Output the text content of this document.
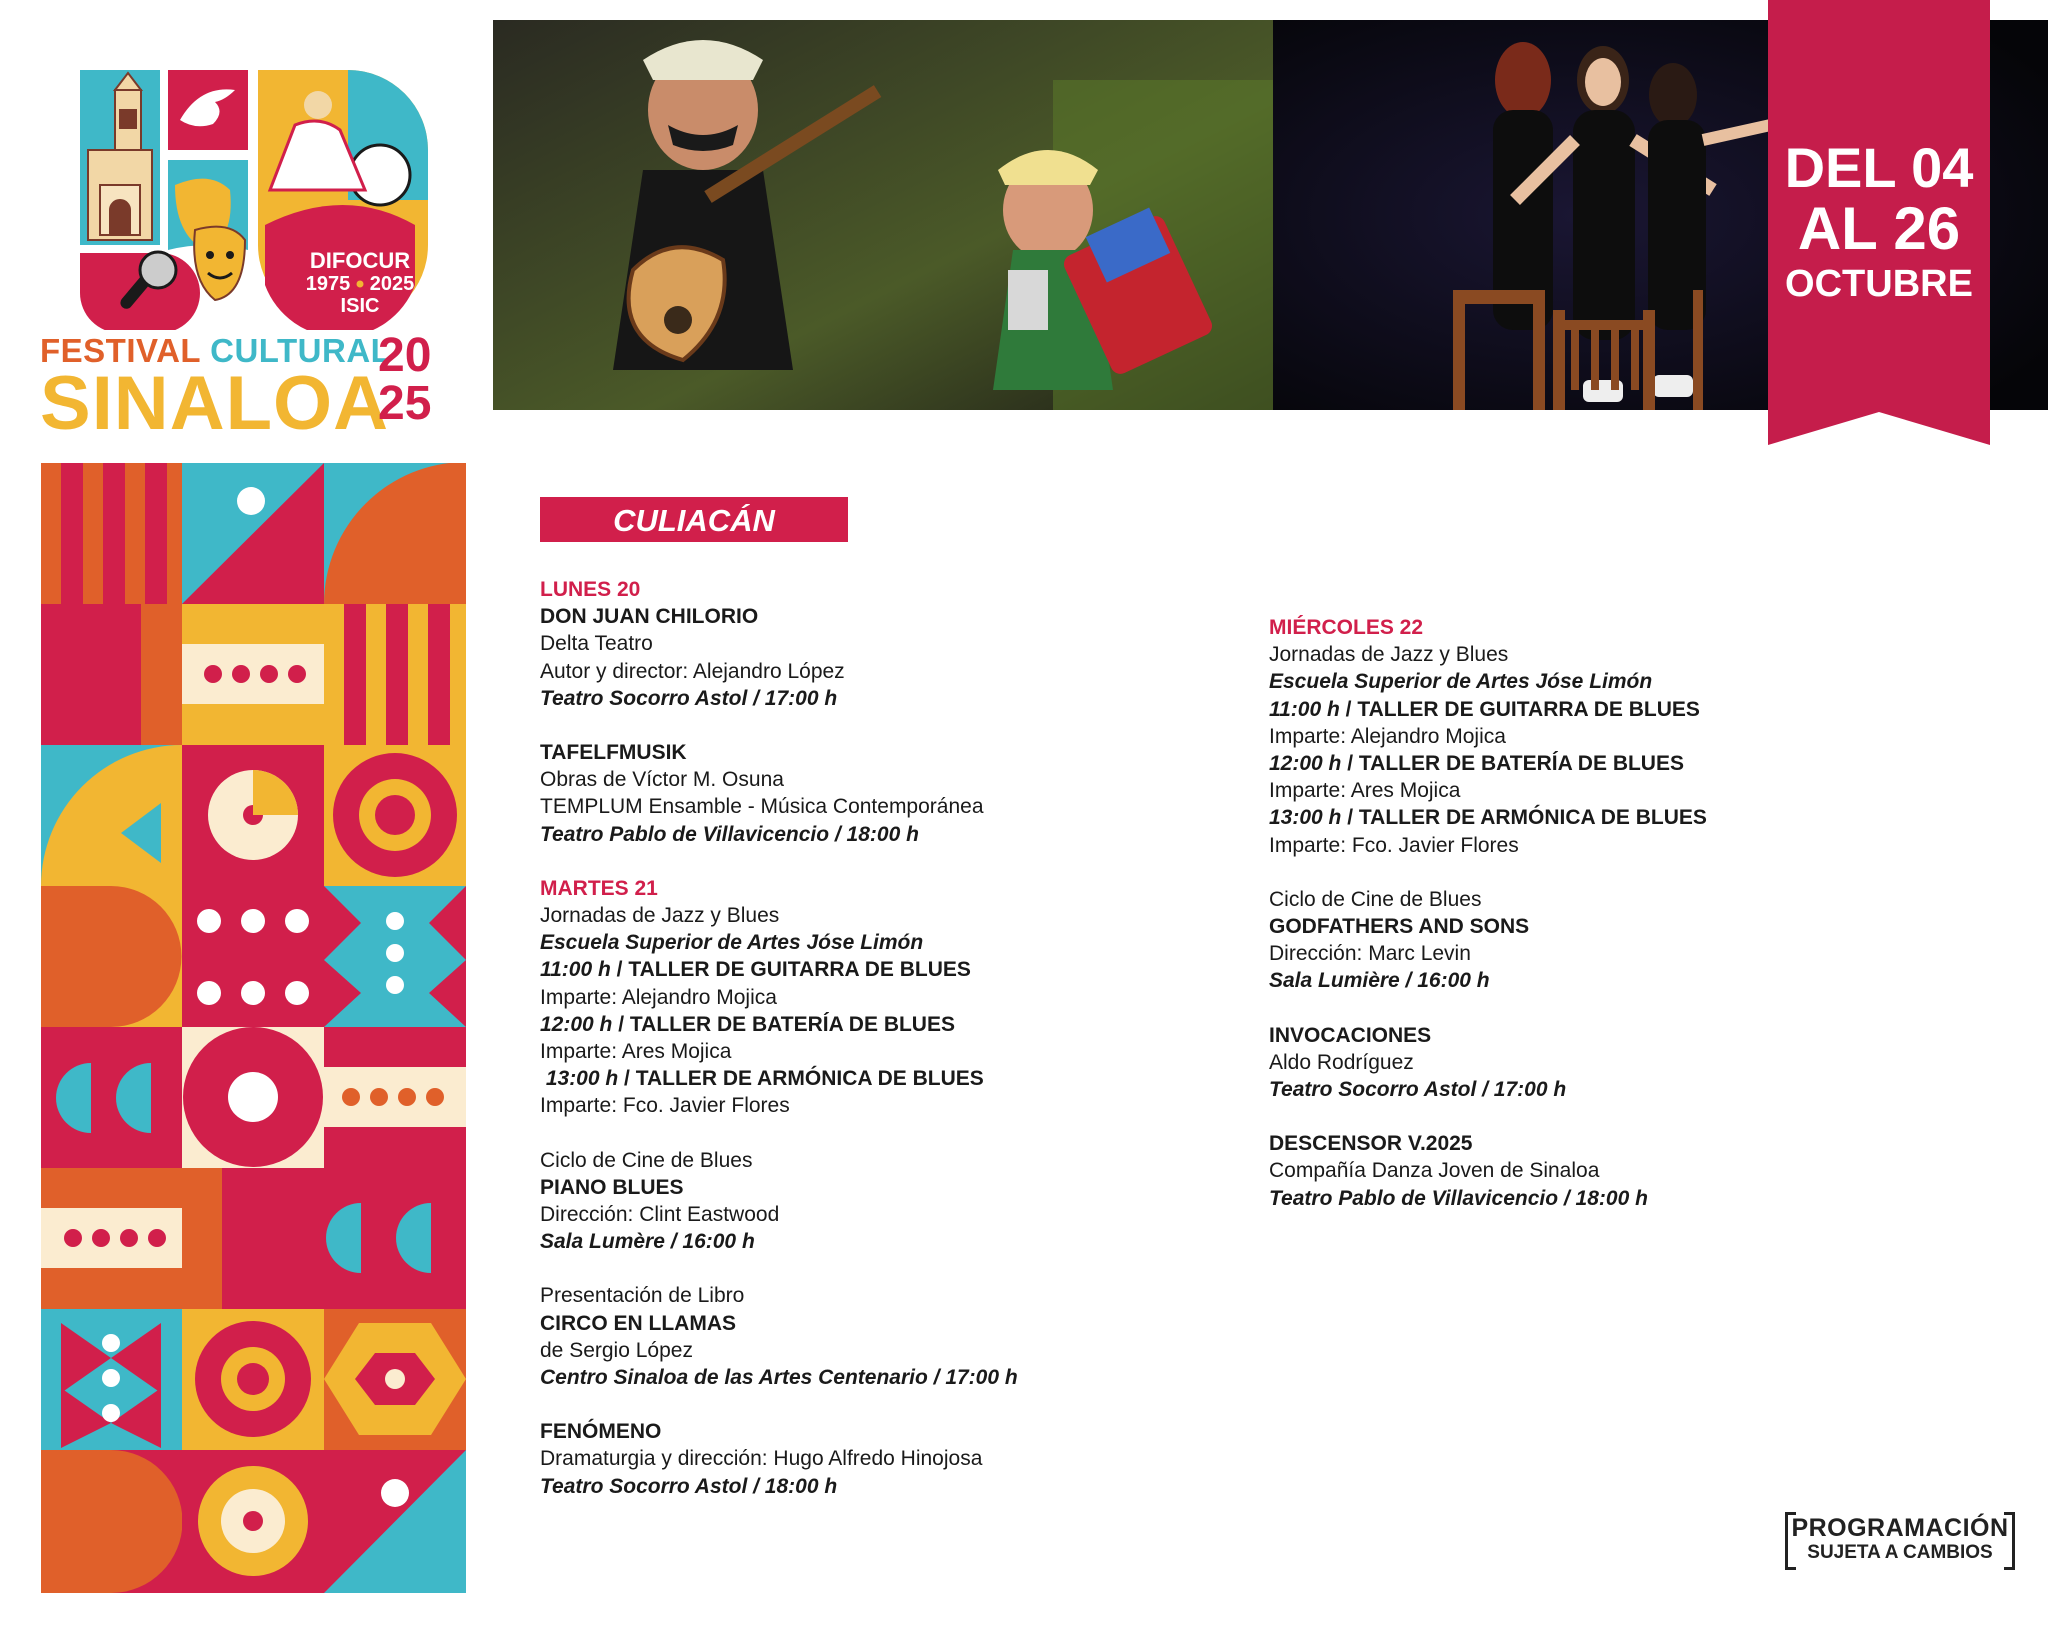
DIFOCUR
1975 2025
ISIC
FESTIVAL CULTURAL
SINALOA
20
25
DEL 04
AL 26
OCTUBRE
CULIACÁN
LUNES 20
DON JUAN CHILORIO
Delta Teatro
Autor y director: Alejandro López
Teatro Socorro Astol / 17:00 h
TAFELFMUSIK
Obras de Víctor M. Osuna
TEMPLUM Ensamble - Música Contemporánea
Teatro Pablo de Villavicencio / 18:00 h
MARTES 21
Jornadas de Jazz y Blues
Escuela Superior de Artes Jóse Limón
11:00 h / TALLER DE GUITARRA DE BLUES
Imparte: Alejandro Mojica
12:00 h / TALLER DE BATERÍA DE BLUES
Imparte: Ares Mojica
13:00 h / TALLER DE ARMÓNICA DE BLUES
Imparte: Fco. Javier Flores
Ciclo de Cine de Blues
PIANO BLUES
Dirección: Clint Eastwood
Sala Lumère / 16:00 h
Presentación de Libro
CIRCO EN LLAMAS
de Sergio López
Centro Sinaloa de las Artes Centenario / 17:00 h
FENÓMENO
Dramaturgia y dirección: Hugo Alfredo Hinojosa
Teatro Socorro Astol / 18:00 h
MIÉRCOLES 22
Jornadas de Jazz y Blues
Escuela Superior de Artes Jóse Limón
11:00 h / TALLER DE GUITARRA DE BLUES
Imparte: Alejandro Mojica
12:00 h / TALLER DE BATERÍA DE BLUES
Imparte: Ares Mojica
13:00 h / TALLER DE ARMÓNICA DE BLUES
Imparte: Fco. Javier Flores
Ciclo de Cine de Blues
GODFATHERS AND SONS
Dirección: Marc Levin
Sala Lumière / 16:00 h
INVOCACIONES
Aldo Rodríguez
Teatro Socorro Astol / 17:00 h
DESCENSOR V.2025
Compañía Danza Joven de Sinaloa
Teatro Pablo de Villavicencio / 18:00 h
PROGRAMACIÓN
SUJETA A CAMBIOS
